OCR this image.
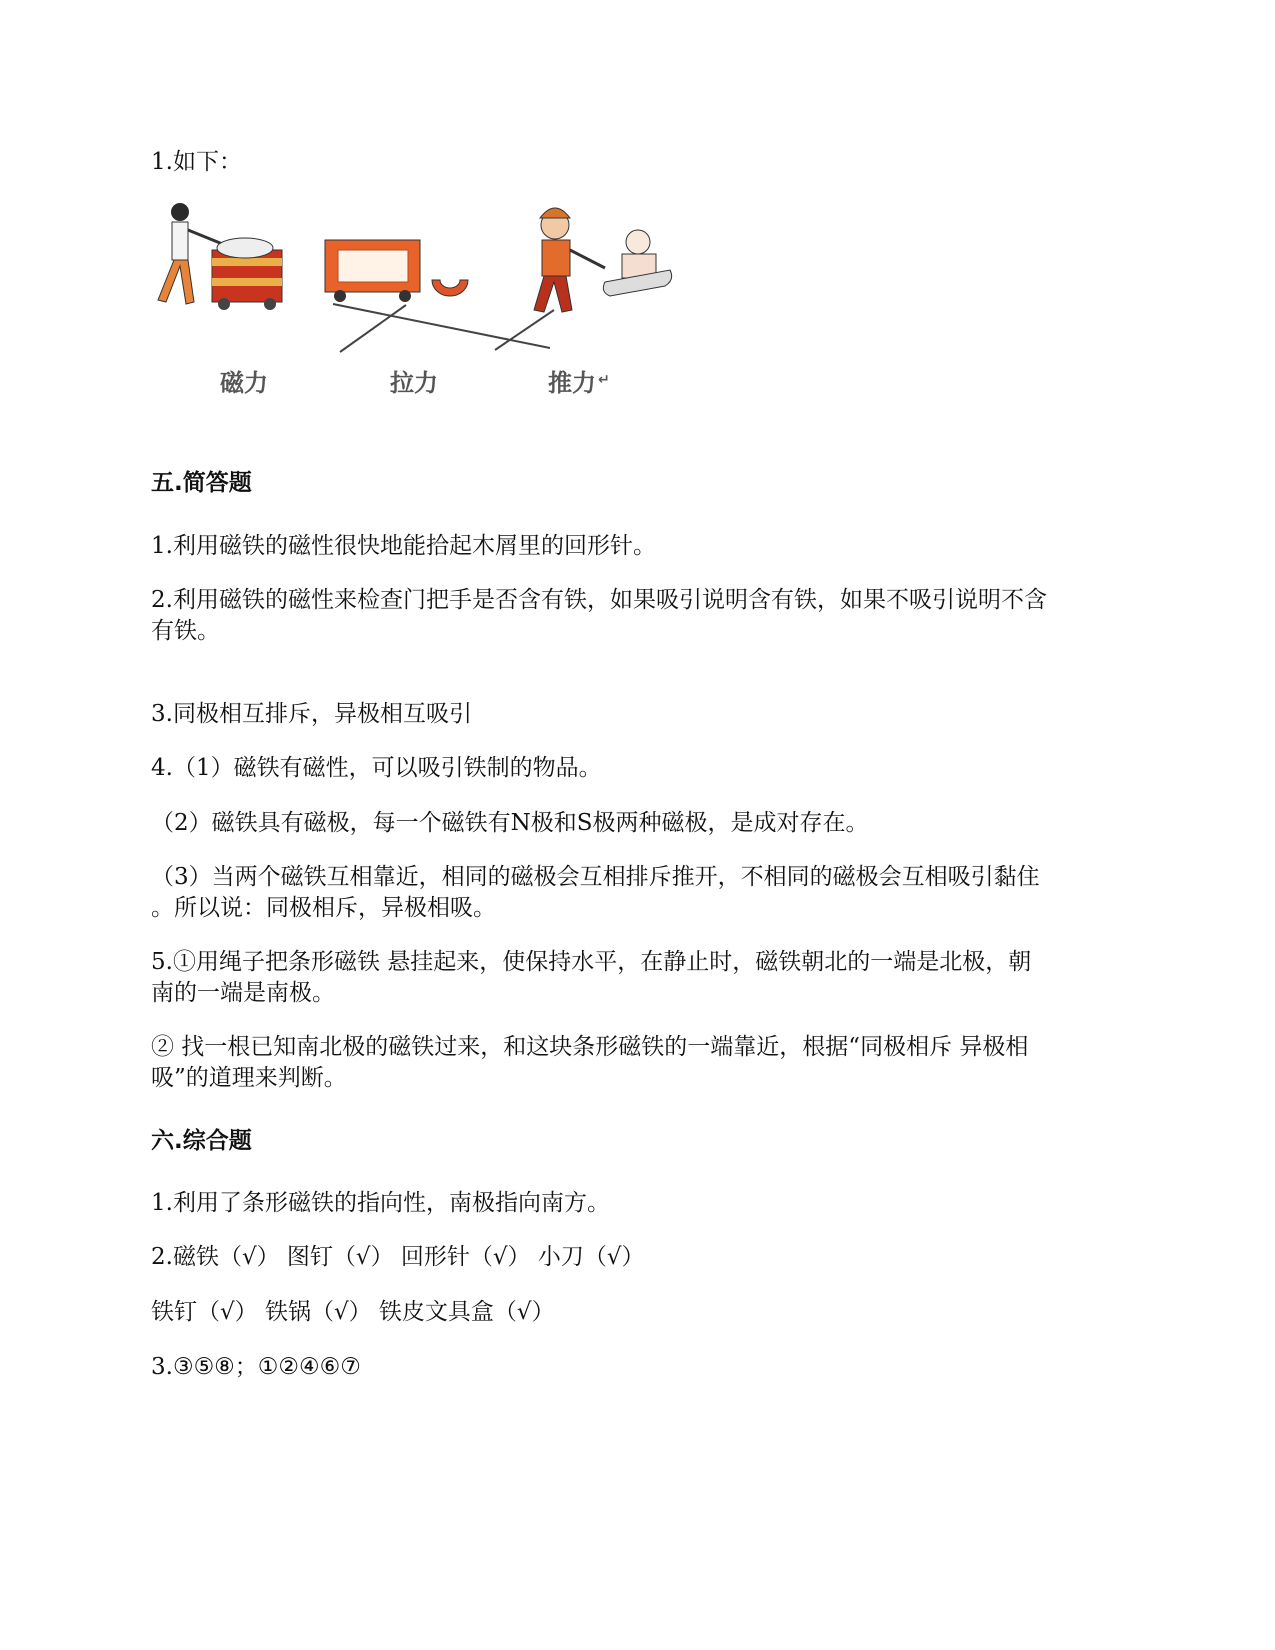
1.如下：
磁力	拉力	推力 ↵
五.简答题
1.利用磁铁的磁性很快地能拾起木屑里的回形针。
2.利用磁铁的磁性来检查门把手是否含有铁，如果吸引说明含有铁，如果不吸引说明不含
有铁。
3.同极相互排斥，异极相互吸引
4.（1）磁铁有磁性，可以吸引铁制的物品。
（2）磁铁具有磁极，每一个磁铁有N极和S极两种磁极，是成对存在。
（3）当两个磁铁互相靠近，相同的磁极会互相排斥推开，不相同的磁极会互相吸引黏住
。所以说：同极相斥，异极相吸。
5.①用绳子把条形磁铁 悬挂起来，使保持水平，在静止时，磁铁朝北的一端是北极，朝
南的一端是南极。
② 找一根已知南北极的磁铁过来，和这块条形磁铁的一端靠近，根据“同极相斥 异极相
吸”的道理来判断。
六.综合题
1.利用了条形磁铁的指向性，南极指向南方。
2.磁铁（√） 图钉（√） 回形针（√） 小刀（√）
铁钉（√） 铁锅（√） 铁皮文具盒（√）
3.③⑤⑧；①②④⑥⑦
